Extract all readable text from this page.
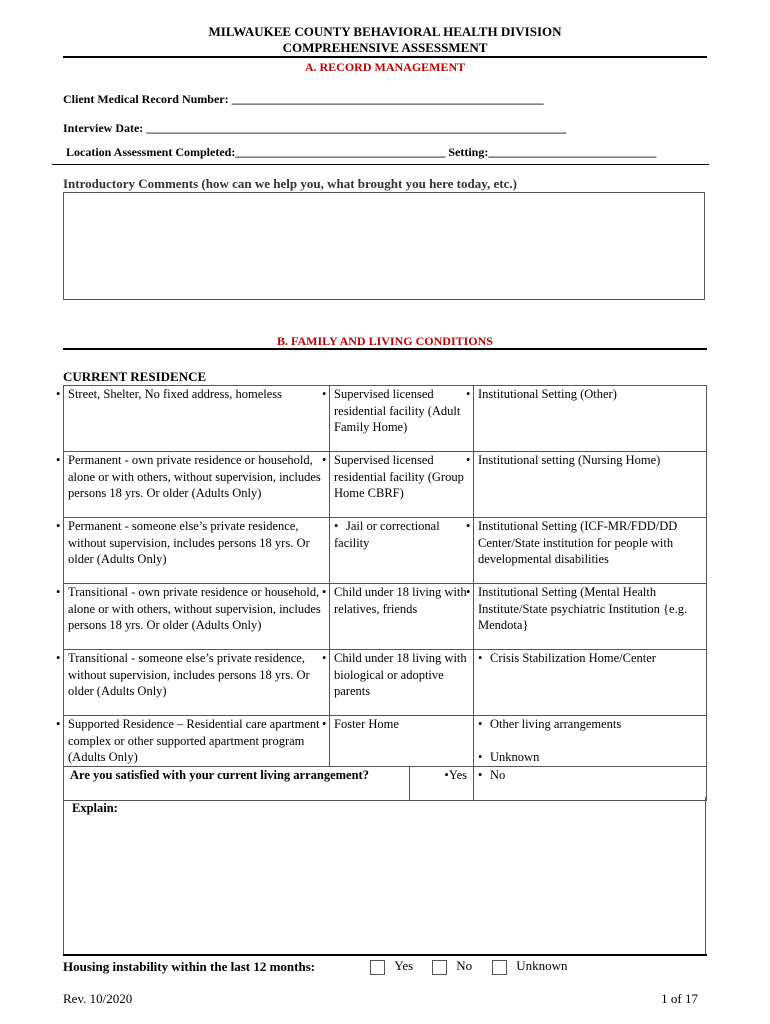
MILWAUKEE COUNTY BEHAVIORAL HEALTH DIVISION
COMPREHENSIVE ASSESSMENT
A. RECORD MANAGEMENT
Client Medical Record Number: ____________________________________________________
Interview Date: ______________________________________________________________________
Location Assessment Completed:___________________________________ Setting:____________________________
Introductory Comments (how can we help you, what brought you here today, etc.)
B. FAMILY AND LIVING CONDITIONS
CURRENT RESIDENCE
• Street, Shelter, No fixed address, homeless	• Supervised licensed residential facility (Adult Family Home)		• Institutional Setting (Other)
• Permanent - own private residence or household, alone or with others, without supervision, includes persons 18 yrs. Or older (Adults Only)	• Supervised licensed residential facility (Group Home CBRF)		• Institutional setting (Nursing Home)
• Permanent - someone else’s private residence, without supervision, includes persons 18 yrs. Or older (Adults Only)	• Jail or correctional facility		• Institutional Setting (ICF-MR/FDD/DD Center/State institution for people with developmental disabilities
• Transitional - own private residence or household, alone or with others, without supervision, includes persons 18 yrs. Or older (Adults Only)	• Child under 18 living with relatives, friends		• Institutional Setting (Mental Health Institute/State psychiatric Institution {e.g. Mendota}
• Transitional - someone else’s private residence, without supervision, includes persons 18 yrs. Or older (Adults Only)	• Child under 18 living with biological or adoptive parents		• Crisis Stabilization Home/Center
• Supported Residence – Residential care apartment complex or other supported apartment program (Adults Only)	• Foster Home		• Other living arrangements
• Unknown

Are you satisfied with your current living arrangement?		•Yes	• No
Explain:
Housing instability within the last 12 months:	Yes	No	Unknown
Rev. 10/2020	1 of 17
